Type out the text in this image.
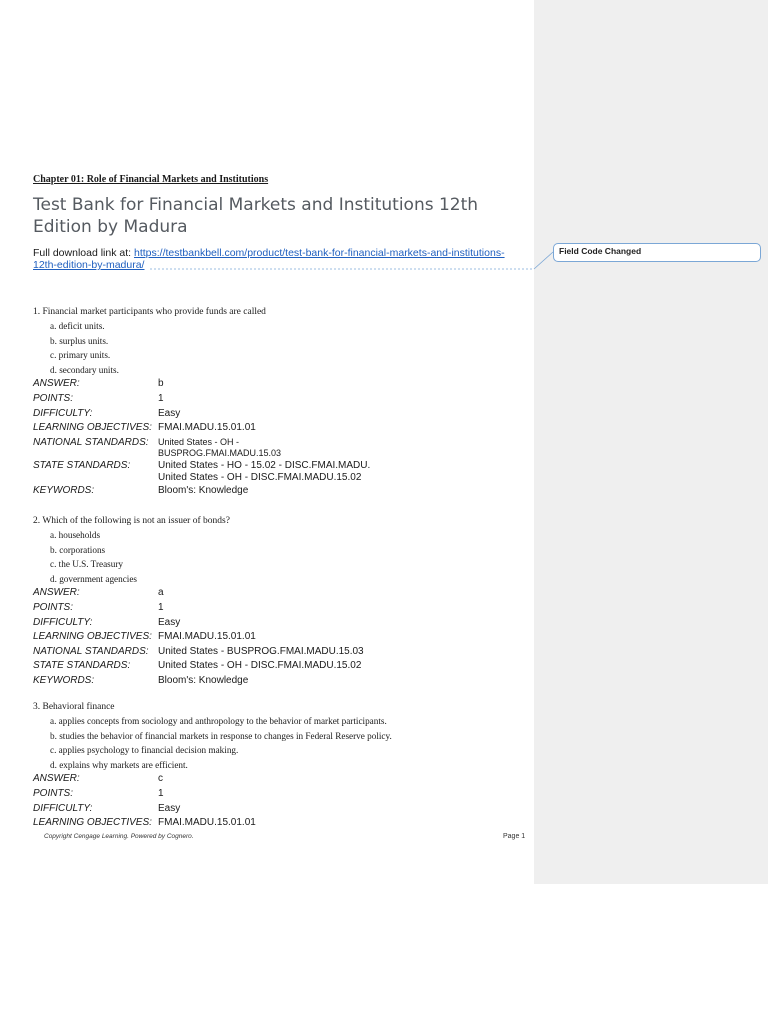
Field Code Changed
Chapter 01: Role of Financial Markets and Institutions
Test Bank for Financial Markets and Institutions 12th Edition by Madura
Full download link at: https://testbankbell.com/product/test-bank-for-financial-markets-and-institutions-
12th-edition-by-madura/

1. Financial market participants who provide funds are called

a. deficit units.
b. surplus units.
c. primary units.
d. secondary units.
ANSWER:	b
POINTS:	1
DIFFICULTY:	Easy
LEARNING OBJECTIVES: FMAI.MADU.15.01.01
NATIONAL STANDARDS:	United States - OH -
BUSPROG.FMAI.MADU.15.03
STATE STANDARDS:	United States - HO - 15.02 - DISC.FMAI.MADU.
United States - OH - DISC.FMAI.MADU.15.02
KEYWORDS:	Bloom's: Knowledge

2. Which of the following is not an issuer of bonds?

a. households
b. corporations
c. the U.S. Treasury
d. government agencies
ANSWER:	a
POINTS:	1
DIFFICULTY:	Easy
LEARNING OBJECTIVES: FMAI.MADU.15.01.01
NATIONAL STANDARDS: United States - BUSPROG.FMAI.MADU.15.03
STATE STANDARDS:	United States - OH - DISC.FMAI.MADU.15.02
KEYWORDS:	Bloom's: Knowledge

3. Behavioral finance

a. applies concepts from sociology and anthropology to the behavior of market participants.
b. studies the behavior of financial markets in response to changes in Federal Reserve policy.
c. applies psychology to financial decision making.
d. explains why markets are efficient.
ANSWER:	c
POINTS:	1
DIFFICULTY:	Easy
LEARNING OBJECTIVES: FMAI.MADU.15.01.01
Copyright Cengage Learning. Powered by Cognero.	Page 1
